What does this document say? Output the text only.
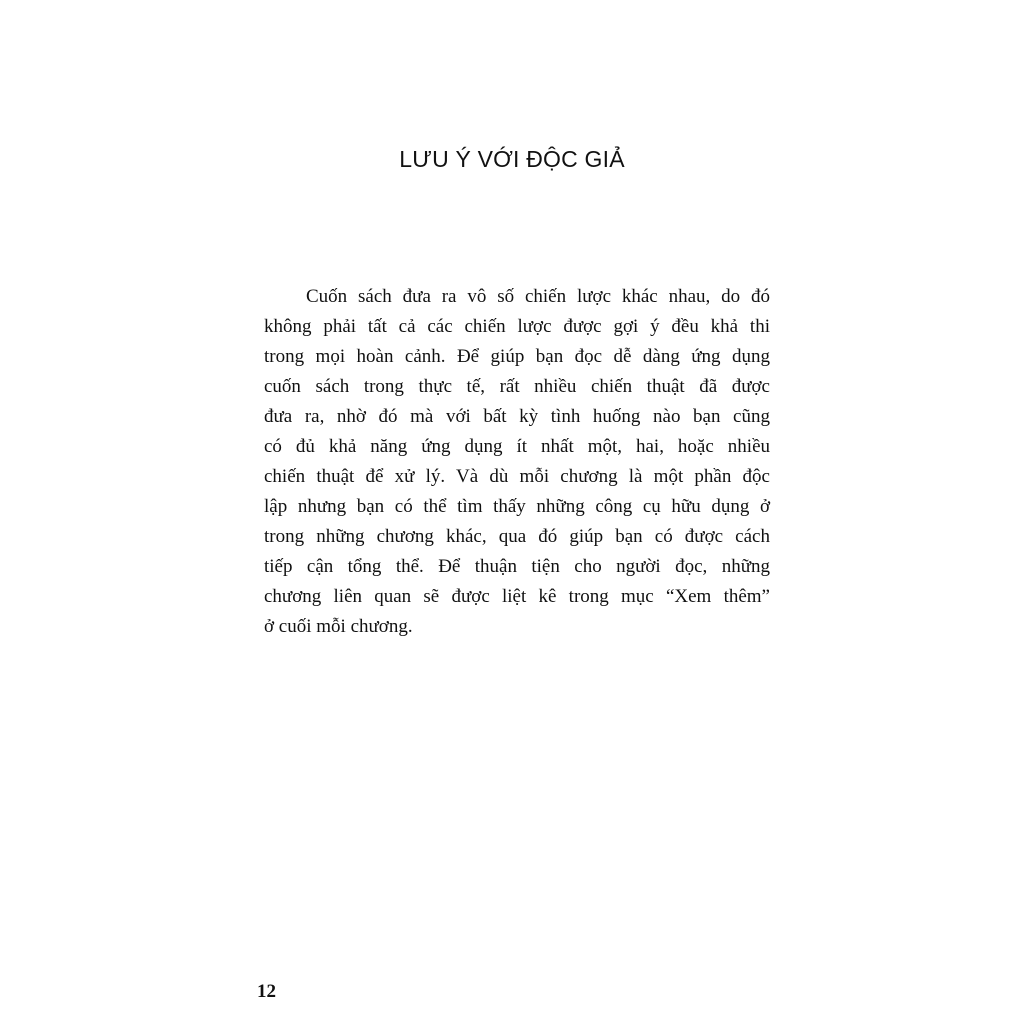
LƯU Ý VỚI ĐỘC GIẢ
Cuốn sách đưa ra vô số chiến lược khác nhau, do đó
không phải tất cả các chiến lược được gợi ý đều khả thi
trong mọi hoàn cảnh. Để giúp bạn đọc dễ dàng ứng dụng
cuốn sách trong thực tế, rất nhiều chiến thuật đã được
đưa ra, nhờ đó mà với bất kỳ tình huống nào bạn cũng
có đủ khả năng ứng dụng ít nhất một, hai, hoặc nhiều
chiến thuật để xử lý. Và dù mỗi chương là một phần độc
lập nhưng bạn có thể tìm thấy những công cụ hữu dụng ở
trong những chương khác, qua đó giúp bạn có được cách
tiếp cận tổng thể. Để thuận tiện cho người đọc, những
chương liên quan sẽ được liệt kê trong mục “Xem thêm”
ở cuối mỗi chương.
12
